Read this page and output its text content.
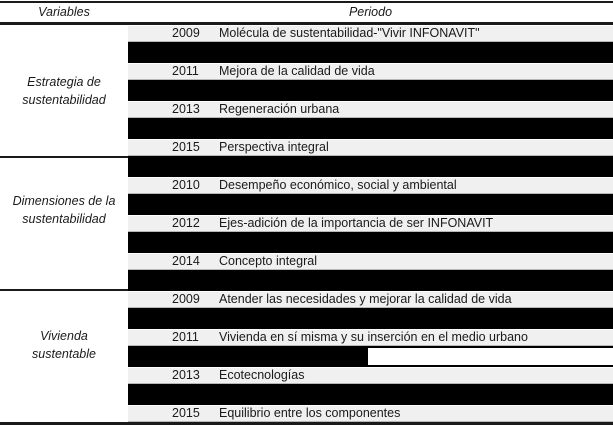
Variables	Periodo
Estrategia de
sustentabilidad
2009	Molécula de sustentabilidad-"Vivir INFONAVIT"
2011	Mejora de la calidad de vida
2013	Regeneración urbana
2015	Perspectiva integral
Dimensiones de la
sustentabilidad
2010	Desempeño económico, social y ambiental
2012	Ejes-adición de la importancia de ser INFONAVIT
2014	Concepto integral
Vivienda
sustentable
2009	Atender las necesidades y mejorar la calidad de vida
2011	Vivienda en sí misma y su inserción en el medio urbano
2013	Ecotecnologías
2015	Equilibrio entre los componentes
